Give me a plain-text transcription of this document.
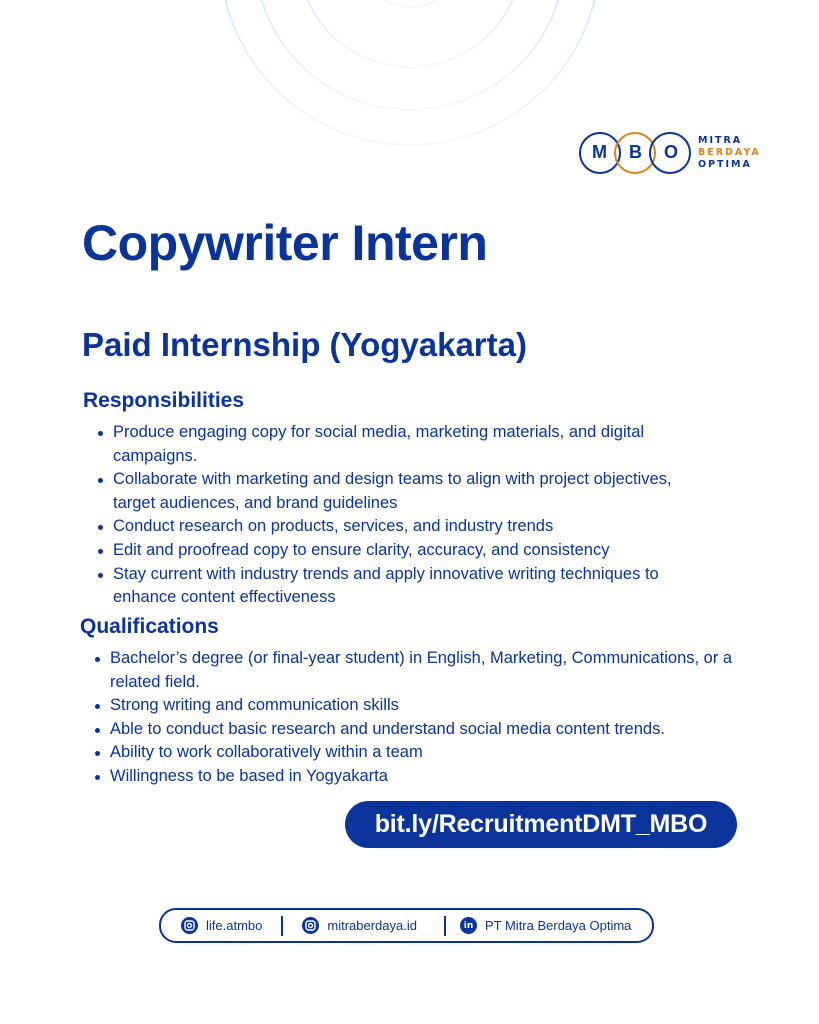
M B O
MITRA
BERDAYA
OPTIMA
Copywriter Intern
Paid Internship (Yogyakarta)
Responsibilities
Produce engaging copy for social media, marketing materials, and digital campaigns.
Collaborate with marketing and design teams to align with project objectives, target audiences, and brand guidelines
Conduct research on products, services, and industry trends
Edit and proofread copy to ensure clarity, accuracy, and consistency
Stay current with industry trends and apply innovative writing techniques to enhance content effectiveness
Qualifications
Bachelor’s degree (or final-year student) in English, Marketing, Communications, or a related field.
Strong writing and communication skills
Able to conduct basic research and understand social media content trends.
Ability to work collaboratively within a team
Willingness to be based in Yogyakarta
bit.ly/RecruitmentDMT_MBO
life.atmbo	mitraberdaya.id	in PT Mitra Berdaya Optima
